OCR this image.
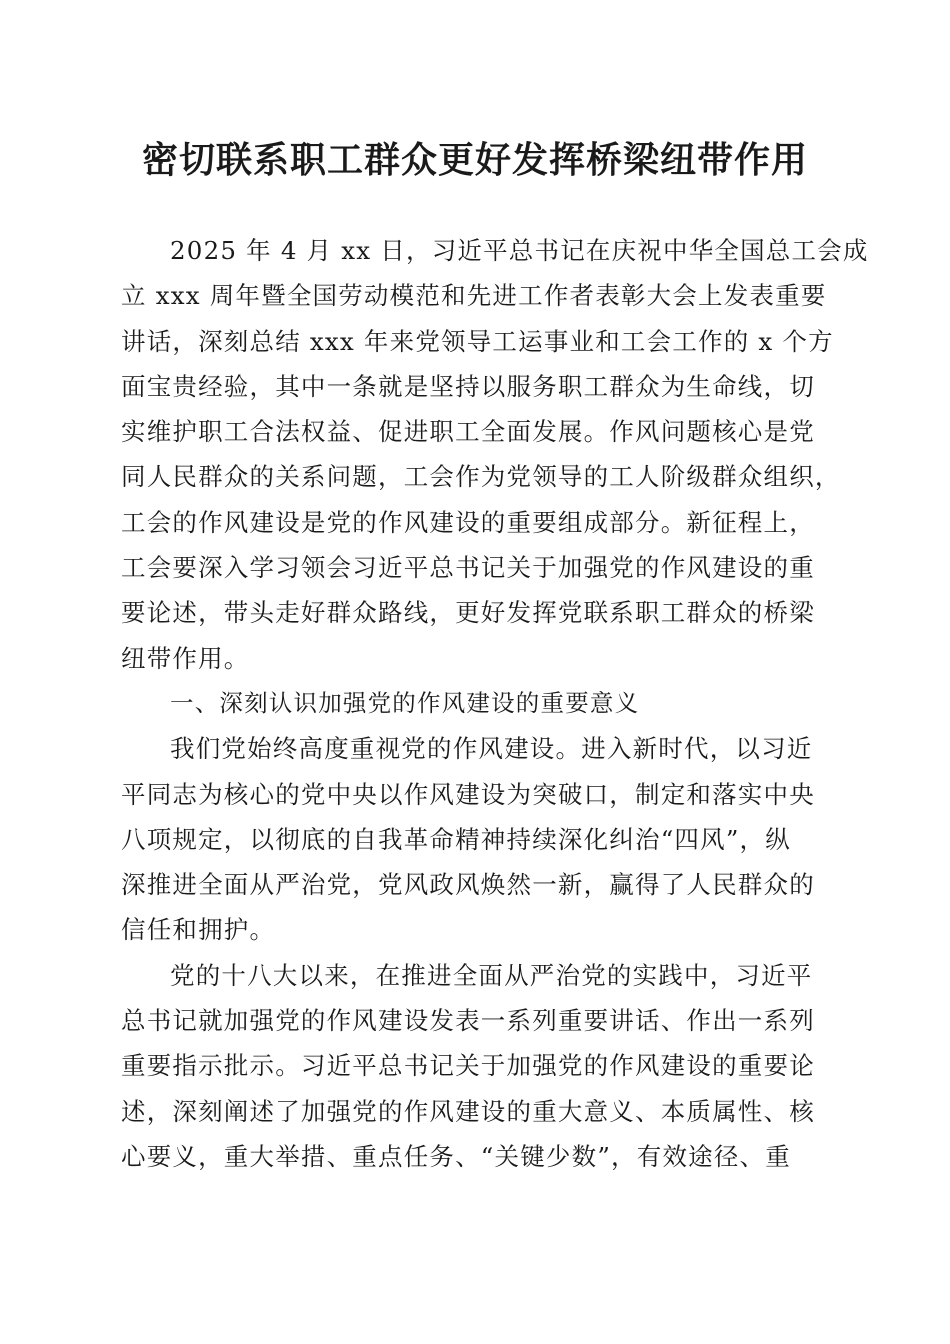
密切联系职工群众更好发挥桥梁纽带作用
2025 年 4 月 xx 日，习近平总书记在庆祝中华全国总工会成
立 xxx 周年暨全国劳动模范和先进工作者表彰大会上发表重要
讲话，深刻总结 xxx 年来党领导工运事业和工会工作的 x 个方
面宝贵经验，其中一条就是坚持以服务职工群众为生命线，切
实维护职工合法权益、促进职工全面发展。作风问题核心是党
同人民群众的关系问题，工会作为党领导的工人阶级群众组织，
工会的作风建设是党的作风建设的重要组成部分。新征程上，
工会要深入学习领会习近平总书记关于加强党的作风建设的重
要论述，带头走好群众路线，更好发挥党联系职工群众的桥梁
纽带作用。
一、深刻认识加强党的作风建设的重要意义
我们党始终高度重视党的作风建设。进入新时代，以习近
平同志为核心的党中央以作风建设为突破口，制定和落实中央
八项规定，以彻底的自我革命精神持续深化纠治“四风”，纵
深推进全面从严治党，党风政风焕然一新，赢得了人民群众的
信任和拥护。
党的十八大以来，在推进全面从严治党的实践中，习近平
总书记就加强党的作风建设发表一系列重要讲话、作出一系列
重要指示批示。习近平总书记关于加强党的作风建设的重要论
述，深刻阐述了加强党的作风建设的重大意义、本质属性、核
心要义，重大举措、重点任务、“关键少数”，有效途径、重
